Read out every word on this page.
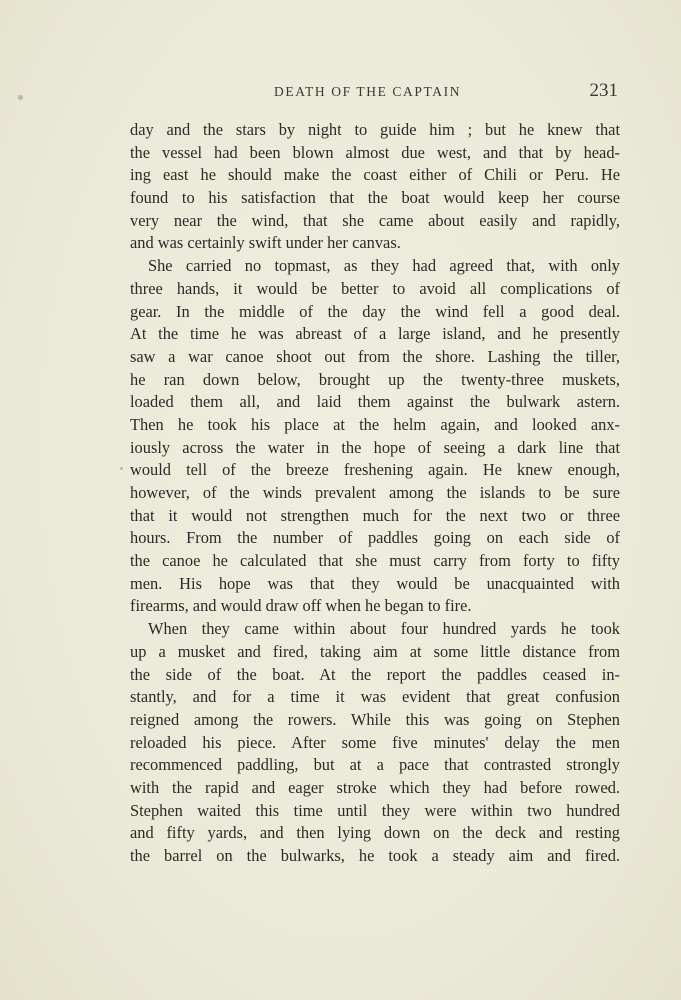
DEATH OF THE CAPTAIN	231
day and the stars by night to guide him ; but he knew that
the vessel had been blown almost due west, and that by head-
ing east he should make the coast either of Chili or Peru. He
found to his satisfaction that the boat would keep her course
very near the wind, that she came about easily and rapidly,
and was certainly swift under her canvas.
She carried no topmast, as they had agreed that, with only
three hands, it would be better to avoid all complications of
gear. In the middle of the day the wind fell a good deal.
At the time he was abreast of a large island, and he presently
saw a war canoe shoot out from the shore. Lashing the tiller,
he ran down below, brought up the twenty-three muskets,
loaded them all, and laid them against the bulwark astern.
Then he took his place at the helm again, and looked anx-
iously across the water in the hope of seeing a dark line that
would tell of the breeze freshening again. He knew enough,
however, of the winds prevalent among the islands to be sure
that it would not strengthen much for the next two or three
hours. From the number of paddles going on each side of
the canoe he calculated that she must carry from forty to fifty
men. His hope was that they would be unacquainted with
firearms, and would draw off when he began to fire.
When they came within about four hundred yards he took
up a musket and fired, taking aim at some little distance from
the side of the boat. At the report the paddles ceased in-
stantly, and for a time it was evident that great confusion
reigned among the rowers. While this was going on Stephen
reloaded his piece. After some five minutes' delay the men
recommenced paddling, but at a pace that contrasted strongly
with the rapid and eager stroke which they had before rowed.
Stephen waited this time until they were within two hundred
and fifty yards, and then lying down on the deck and resting
the barrel on the bulwarks, he took a steady aim and fired.
